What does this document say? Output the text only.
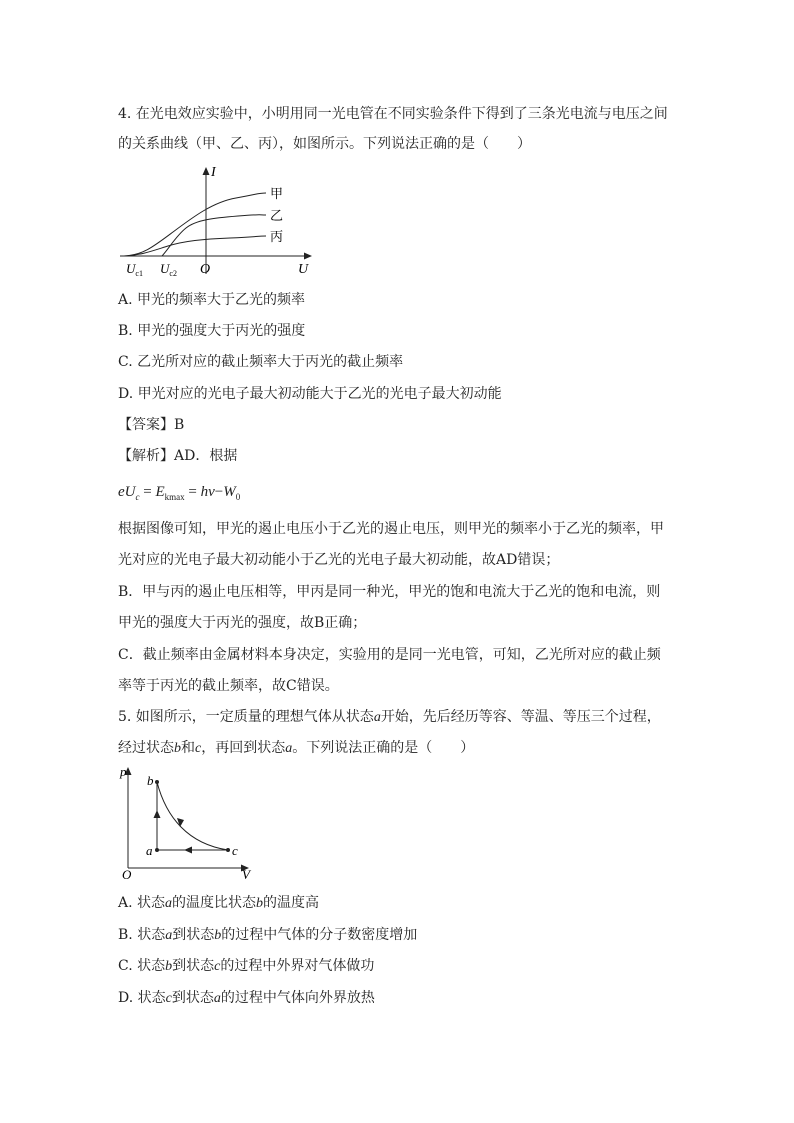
4. 在光电效应实验中，小明用同一光电管在不同实验条件下得到了三条光电流与电压之间
的关系曲线（甲、乙、丙），如图所示。下列说法正确的是（　　）
I
U
O
$U_{c1}$ $U_{c2}$
甲
乙
丙
A. 甲光的频率大于乙光的频率
B. 甲光的强度大于丙光的强度
C. 乙光所对应的截止频率大于丙光的截止频率
D. 甲光对应的光电子最大初动能大于乙光的光电子最大初动能
【答案】B
【解析】AD．根据
$eU_c = E_{kmax} = h\nu-W_0$
根据图像可知，甲光的遏止电压小于乙光的遏止电压，则甲光的频率小于乙光的频率，甲
光对应的光电子最大初动能小于乙光的光电子最大初动能，故AD错误；
B．甲与丙的遏止电压相等，甲丙是同一种光，甲光的饱和电流大于乙光的饱和电流，则
甲光的强度大于丙光的强度，故B正确；
C．截止频率由金属材料本身决定，实验用的是同一光电管，可知，乙光所对应的截止频
率等于丙光的截止频率，故C错误。
5. 如图所示，一定质量的理想气体从状态a开始，先后经历等容、等温、等压三个过程，
经过状态b和c，再回到状态a。下列说法正确的是（　　）
p
V
O
a
b
c
A. 状态a的温度比状态b的温度高
B. 状态a到状态b的过程中气体的分子数密度增加
C. 状态b到状态c的过程中外界对气体做功
D. 状态c到状态a的过程中气体向外界放热
